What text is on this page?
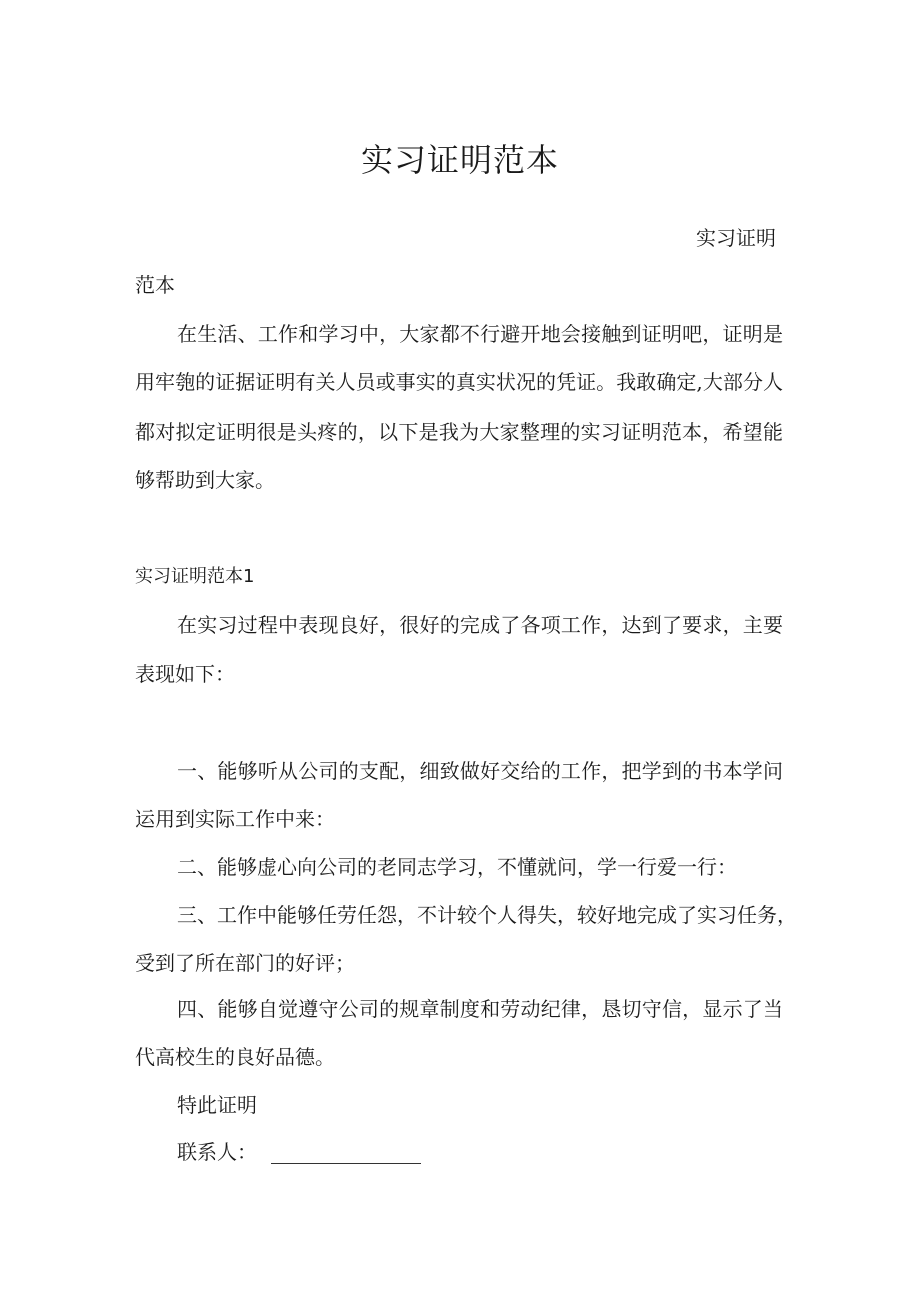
实习证明范本
实习证明
范本
在生活、工作和学习中，大家都不行避开地会接触到证明吧，证明是
用牢匏的证据证明有关人员或事实的真实状况的凭证。我敢确定,大部分人
都对拟定证明很是头疼的，以下是我为大家整理的实习证明范本，希望能
够帮助到大家。
实习证明范本1
在实习过程中表现良好，很好的完成了各项工作，达到了要求，主要
表现如下：
一、能够听从公司的支配，细致做好交给的工作，把学到的书本学问
运用到实际工作中来：
二、能够虚心向公司的老同志学习，不懂就问，学一行爱一行：
三、工作中能够任劳任怨，不计较个人得失，较好地完成了实习任务，
受到了所在部门的好评；
四、能够自觉遵守公司的规章制度和劳动纪律，恳切守信，显示了当
代高校生的良好品德。
特此证明
联系人：
